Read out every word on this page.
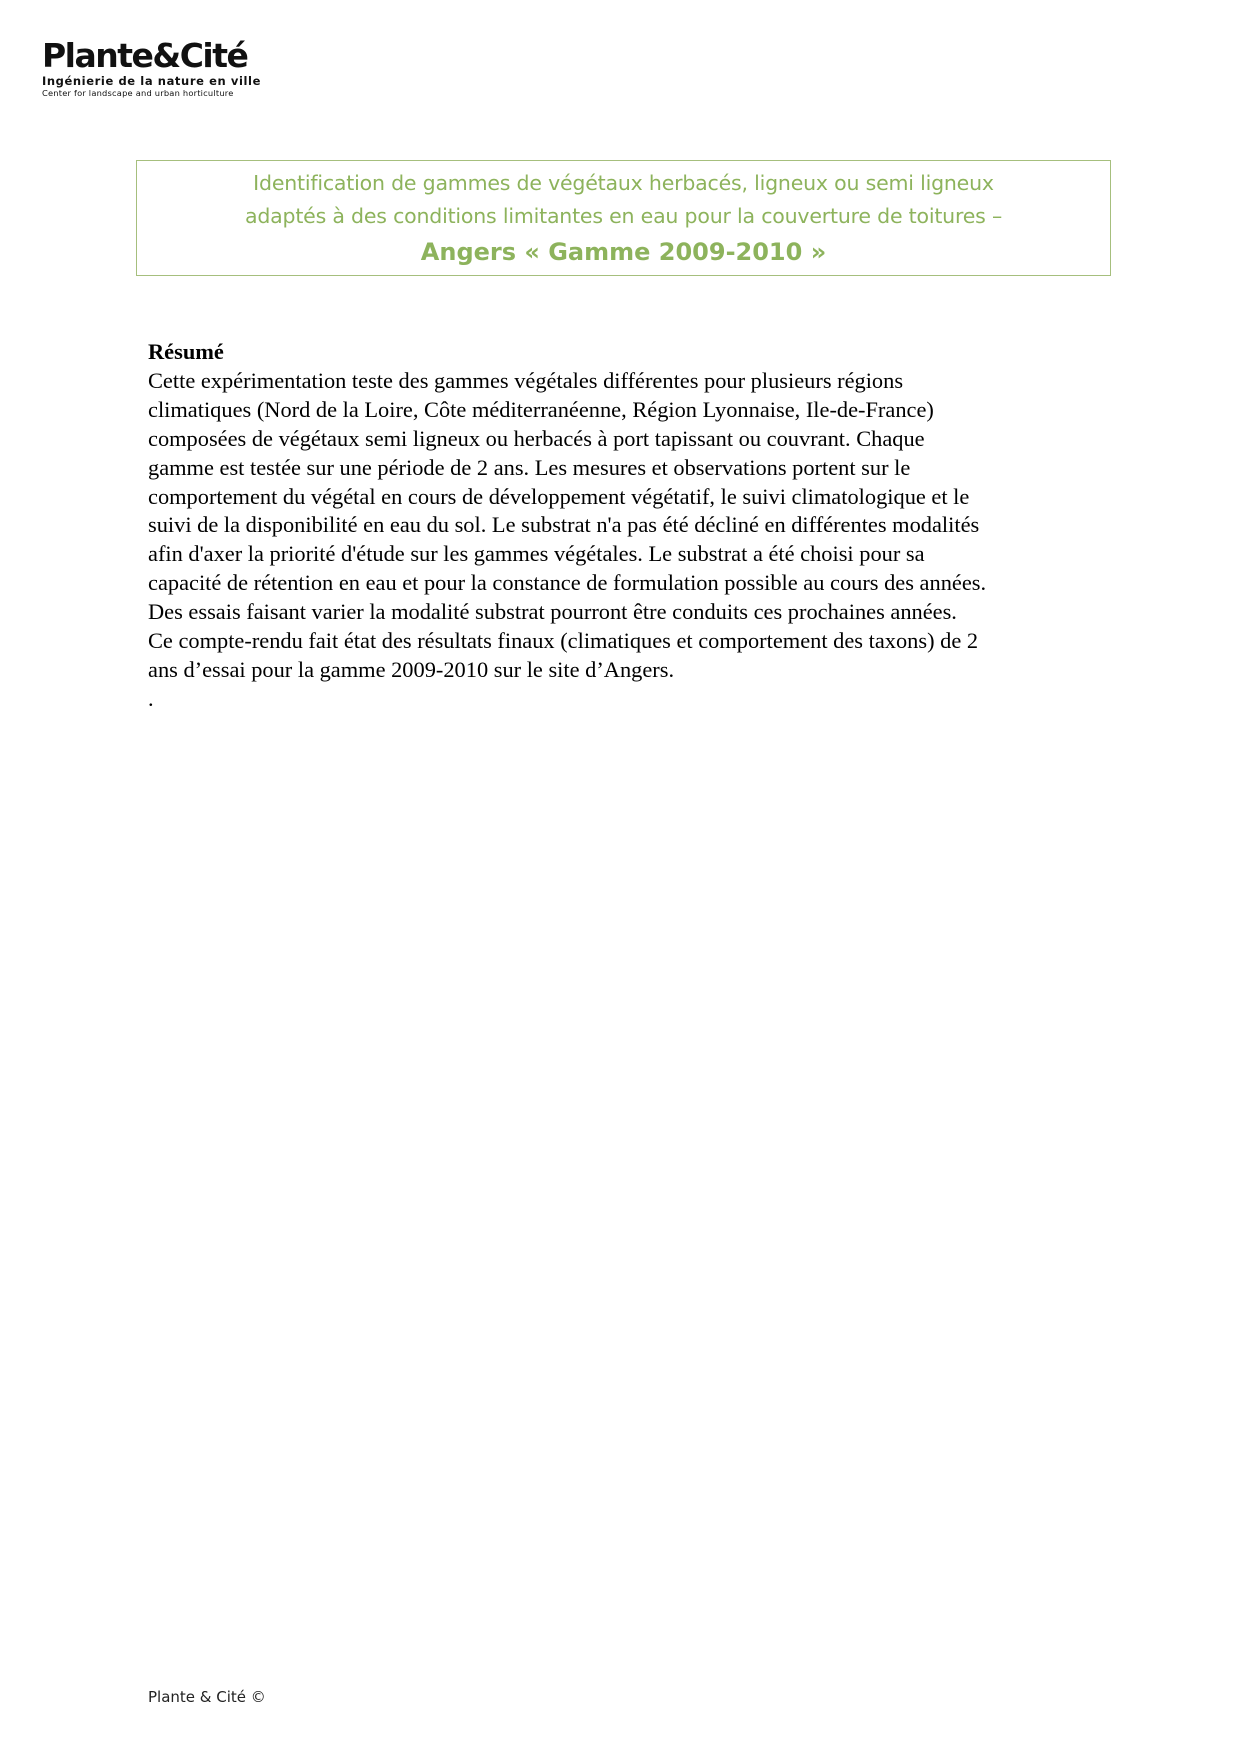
Plante&Cité
Ingénierie de la nature en ville
Center for landscape and urban horticulture
Identification de gammes de végétaux herbacés, ligneux ou semi ligneux
adaptés à des conditions limitantes en eau pour la couverture de toitures –
Angers « Gamme 2009-2010 »
Résumé
Cette expérimentation teste des gammes végétales différentes pour plusieurs régions
climatiques (Nord de la Loire, Côte méditerranéenne, Région Lyonnaise, Ile-de-France)
composées de végétaux semi ligneux ou herbacés à port tapissant ou couvrant. Chaque
gamme est testée sur une période de 2 ans. Les mesures et observations portent sur le
comportement du végétal en cours de développement végétatif, le suivi climatologique et le
suivi de la disponibilité en eau du sol. Le substrat n'a pas été décliné en différentes modalités
afin d'axer la priorité d'étude sur les gammes végétales. Le substrat a été choisi pour sa
capacité de rétention en eau et pour la constance de formulation possible au cours des années.
Des essais faisant varier la modalité substrat pourront être conduits ces prochaines années.
Ce compte-rendu fait état des résultats finaux (climatiques et comportement des taxons) de 2
ans d’essai pour la gamme 2009-2010 sur le site d’Angers.
.
Plante & Cité ©
